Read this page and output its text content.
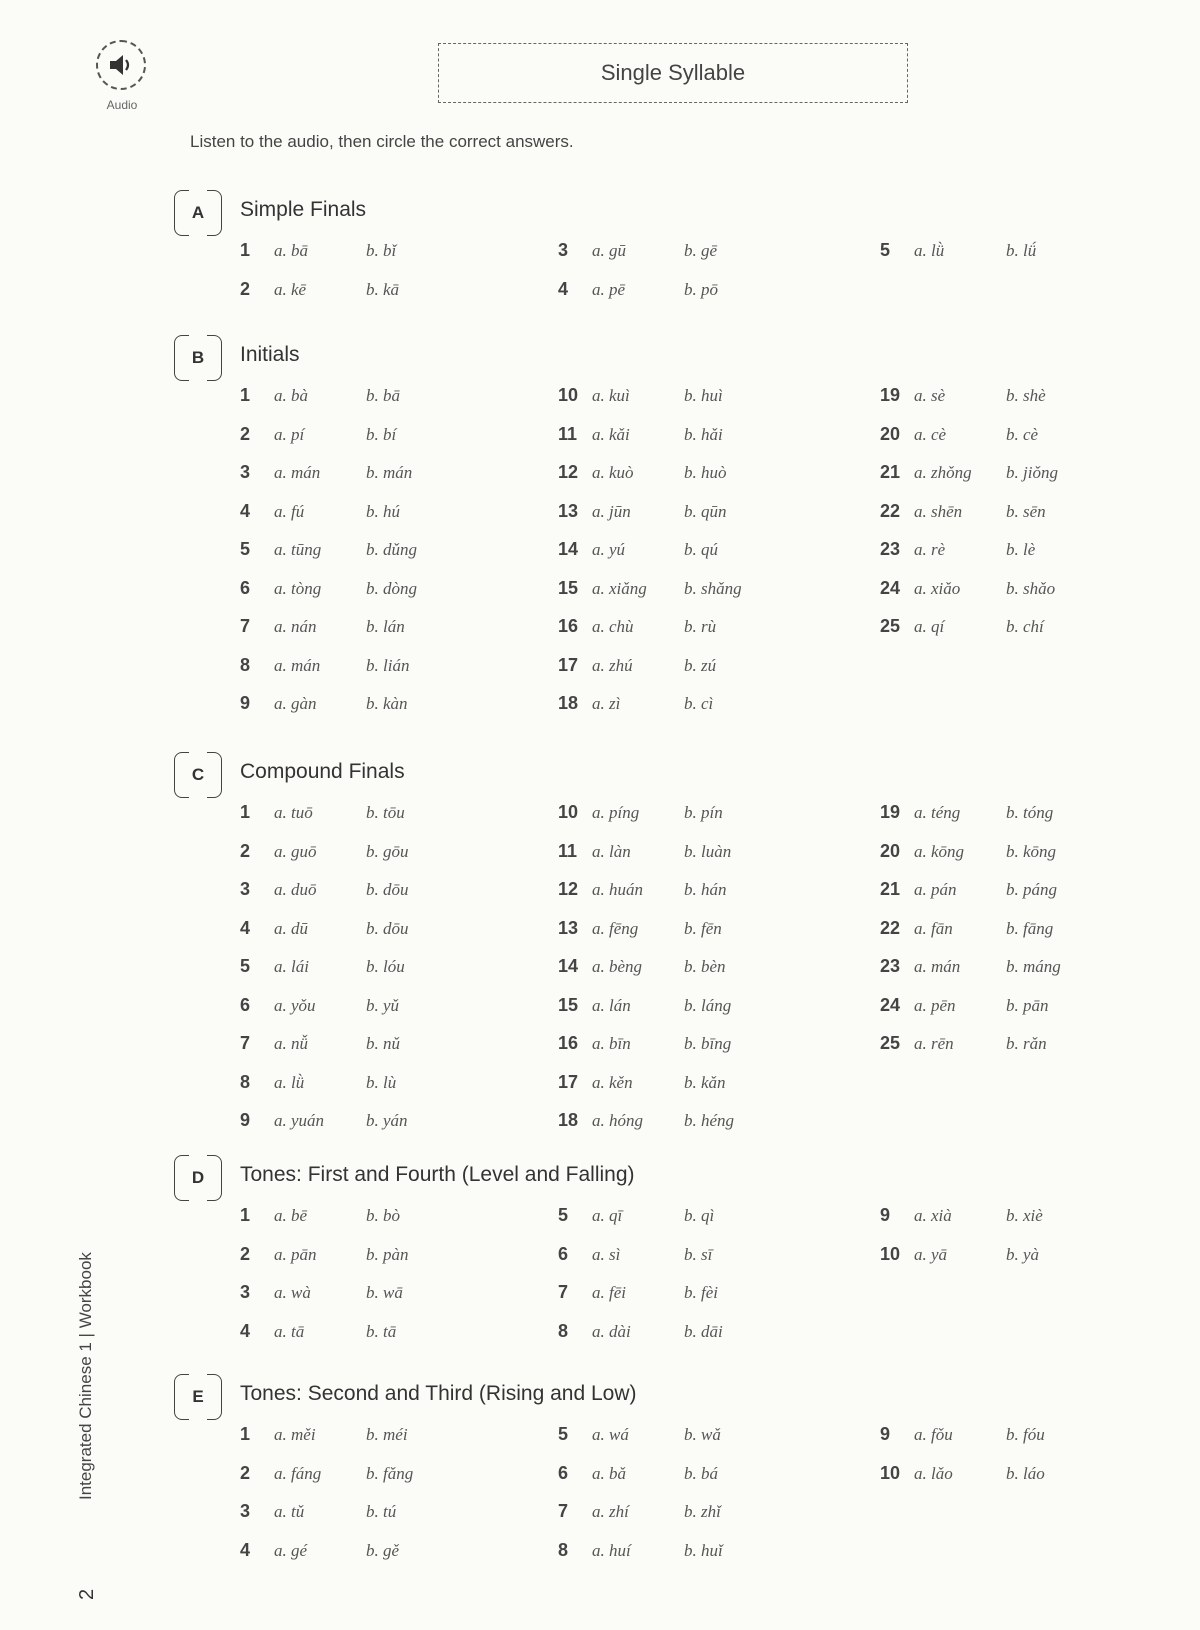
Audio
Single Syllable
Listen to the audio, then circle the correct answers.
Integrated Chinese 1 | Workbook
2
A	Simple Finals
1	a. bā	b. bǐ
2	a. kē	b. kā
3	a. gū	b. gē
4	a. pē	b. pō
5	a. lǜ	b. lǘ
B	Initials
1	a. bà	b. bā
2	a. pí	b. bí
3	a. mán	b. mán
4	a. fú	b. hú
5	a. tūng	b. dǔng
6	a. tòng	b. dòng
7	a. nán	b. lán
8	a. mán	b. lián
9	a. gàn	b. kàn
10 a. kuì	b. huì
11 a. kǎi	b. hǎi
12 a. kuò	b. huò
13 a. jūn	b. qūn
14 a. yú	b. qú
15 a. xiǎng b. shǎng
16 a. chù	b. rù
17 a. zhú	b. zú
18 a. zì	b. cì
19 a. sè	b. shè
20 a. cè	b. cè
21 a. zhǒng b. jiǒng
22 a. shēn	b. sēn
23 a. rè	b. lè
24 a. xiǎo	b. shǎo
25 a. qí	b. chí
C	Compound Finals
1	a. tuō	b. tōu
2	a. guō	b. gōu
3	a. duō	b. dōu
4	a. dū	b. dōu
5	a. lái	b. lóu
6	a. yǒu	b. yǔ
7	a. nǚ	b. nǔ
8	a. lǜ	b. lù
9	a. yuán b. yán
10 a. píng	b. pín
11 a. làn	b. luàn
12 a. huán b. hán
13 a. fēng	b. fēn
14 a. bèng b. bèn
15 a. lán	b. láng
16 a. bīn	b. bīng
17 a. kěn	b. kǎn
18 a. hóng b. héng
19 a. téng	b. tóng
20 a. kōng b. kōng
21 a. pán	b. páng
22 a. fān	b. fāng
23 a. mán	b. máng
24 a. pēn	b. pān
25 a. rēn	b. rǎn
D	Tones: First and Fourth (Level and Falling)
1	a. bē	b. bò
2	a. pān	b. pàn
3	a. wà	b. wā
4	a. tā	b. tā
5	a. qī	b. qì
6	a. sì	b. sī
7	a. fēi	b. fèi
8	a. dài	b. dāi
9	a. xià	b. xiè
10 a. yā	b. yà
E	Tones: Second and Third (Rising and Low)
1	a. měi	b. méi
2	a. fáng	b. fǎng
3	a. tǔ	b. tú
4	a. gé	b. gě
5	a. wá	b. wǎ
6	a. bǎ	b. bá
7	a. zhí	b. zhǐ
8	a. huí	b. huǐ
9	a. fǒu	b. fóu
10 a. lǎo	b. láo
